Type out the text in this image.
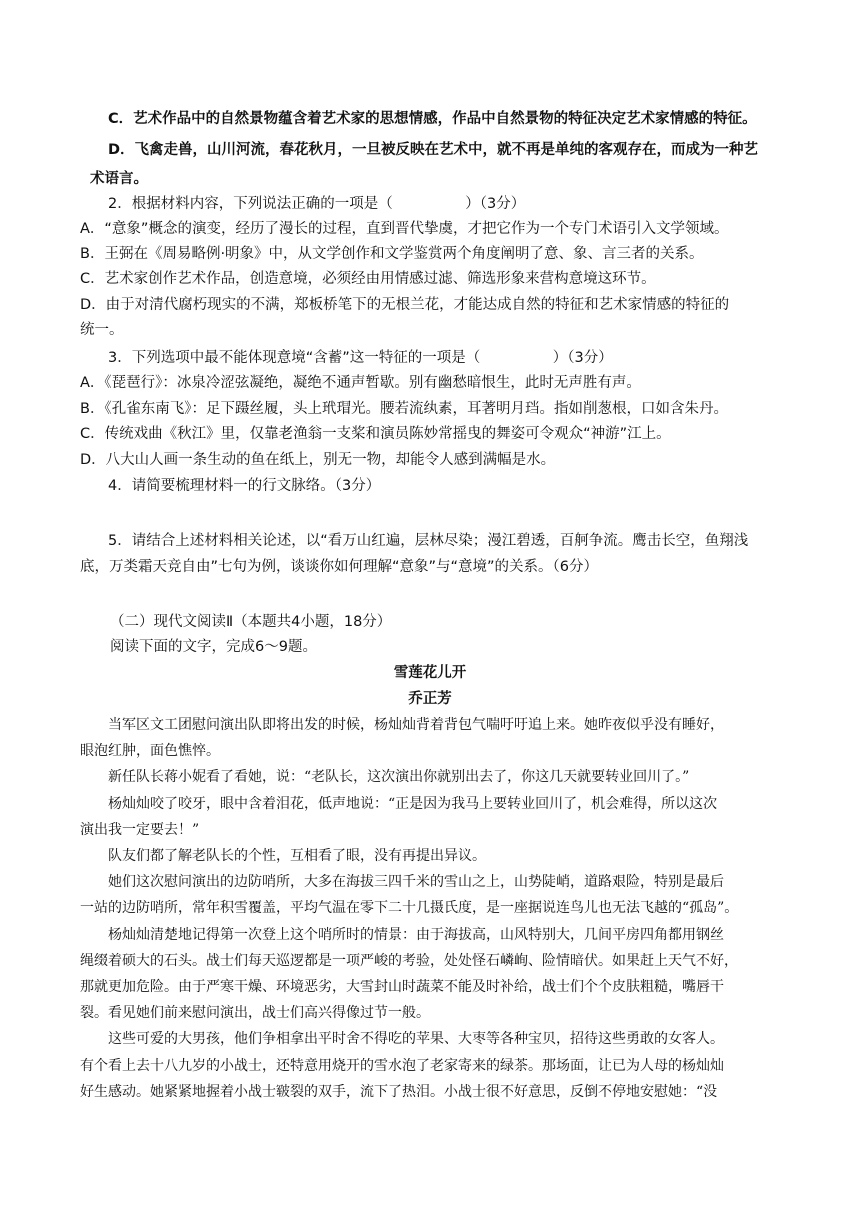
C．艺术作品中的自然景物蕴含着艺术家的思想情感，作品中自然景物的特征决定艺术家情感的特征。
D．飞禽走兽，山川河流，春花秋月，一旦被反映在艺术中，就不再是单纯的客观存在，而成为一种艺
术语言。
2．根据材料内容，下列说法正确的一项是（　　　　　）（3分）
A．“意象”概念的演变，经历了漫长的过程，直到晋代挚虞，才把它作为一个专门术语引入文学领域。
B．王弼在《周易略例·明象》中，从文学创作和文学鉴赏两个角度阐明了意、象、言三者的关系。
C．艺术家创作艺术作品，创造意境，必须经由用情感过滤、筛选形象来营构意境这环节。
D．由于对清代腐朽现实的不满，郑板桥笔下的无根兰花，才能达成自然的特征和艺术家情感的特征的
统一。
3．下列选项中最不能体现意境“含蓄”这一特征的一项是（　　　　　）（3分）
A．《琵琶行》：冰泉冷涩弦凝绝，凝绝不通声暂歇。别有幽愁暗恨生，此时无声胜有声。
B．《孔雀东南飞》：足下蹑丝履，头上玳瑁光。腰若流纨素，耳著明月珰。指如削葱根，口如含朱丹。
C．传统戏曲《秋江》里，仅靠老渔翁一支桨和演员陈妙常摇曳的舞姿可令观众“神游”江上。
D．八大山人画一条生动的鱼在纸上，别无一物，却能令人感到满幅是水。
4．请简要梳理材料一的行文脉络。（3分）
5．请结合上述材料相关论述，以“看万山红遍，层林尽染；漫江碧透，百舸争流。鹰击长空，鱼翔浅
底，万类霜天竞自由”七句为例，谈谈你如何理解“意象”与“意境”的关系。（6分）
（二）现代文阅读Ⅱ（本题共4小题，18分）
阅读下面的文字，完成6～9题。
雪莲花儿开
乔正芳
当军区文工团慰问演出队即将出发的时候，杨灿灿背着背包气喘吁吁追上来。她昨夜似乎没有睡好，
眼泡红肿，面色憔悴。
新任队长蒋小妮看了看她，说：“老队长，这次演出你就别出去了，你这几天就要转业回川了。”
杨灿灿咬了咬牙，眼中含着泪花，低声地说：“正是因为我马上要转业回川了，机会难得，所以这次
演出我一定要去！”
队友们都了解老队长的个性，互相看了眼，没有再提出异议。
她们这次慰问演出的边防哨所，大多在海拔三四千米的雪山之上，山势陡峭，道路艰险，特别是最后
一站的边防哨所，常年积雪覆盖，平均气温在零下二十几摄氏度，是一座据说连鸟儿也无法飞越的“孤岛”。
杨灿灿清楚地记得第一次登上这个哨所时的情景：由于海拔高，山风特别大，几间平房四角都用钢丝
绳缀着硕大的石头。战士们每天巡逻都是一项严峻的考验，处处怪石嶙峋、险情暗伏。如果赶上天气不好，
那就更加危险。由于严寒干燥、环境恶劣，大雪封山时蔬菜不能及时补给，战士们个个皮肤粗糙，嘴唇干
裂。看见她们前来慰问演出，战士们高兴得像过节一般。
这些可爱的大男孩，他们争相拿出平时舍不得吃的苹果、大枣等各种宝贝，招待这些勇敢的女客人。
有个看上去十八九岁的小战士，还特意用烧开的雪水泡了老家寄来的绿茶。那场面，让已为人母的杨灿灿
好生感动。她紧紧地握着小战士皲裂的双手，流下了热泪。小战士很不好意思，反倒不停地安慰她：“没
